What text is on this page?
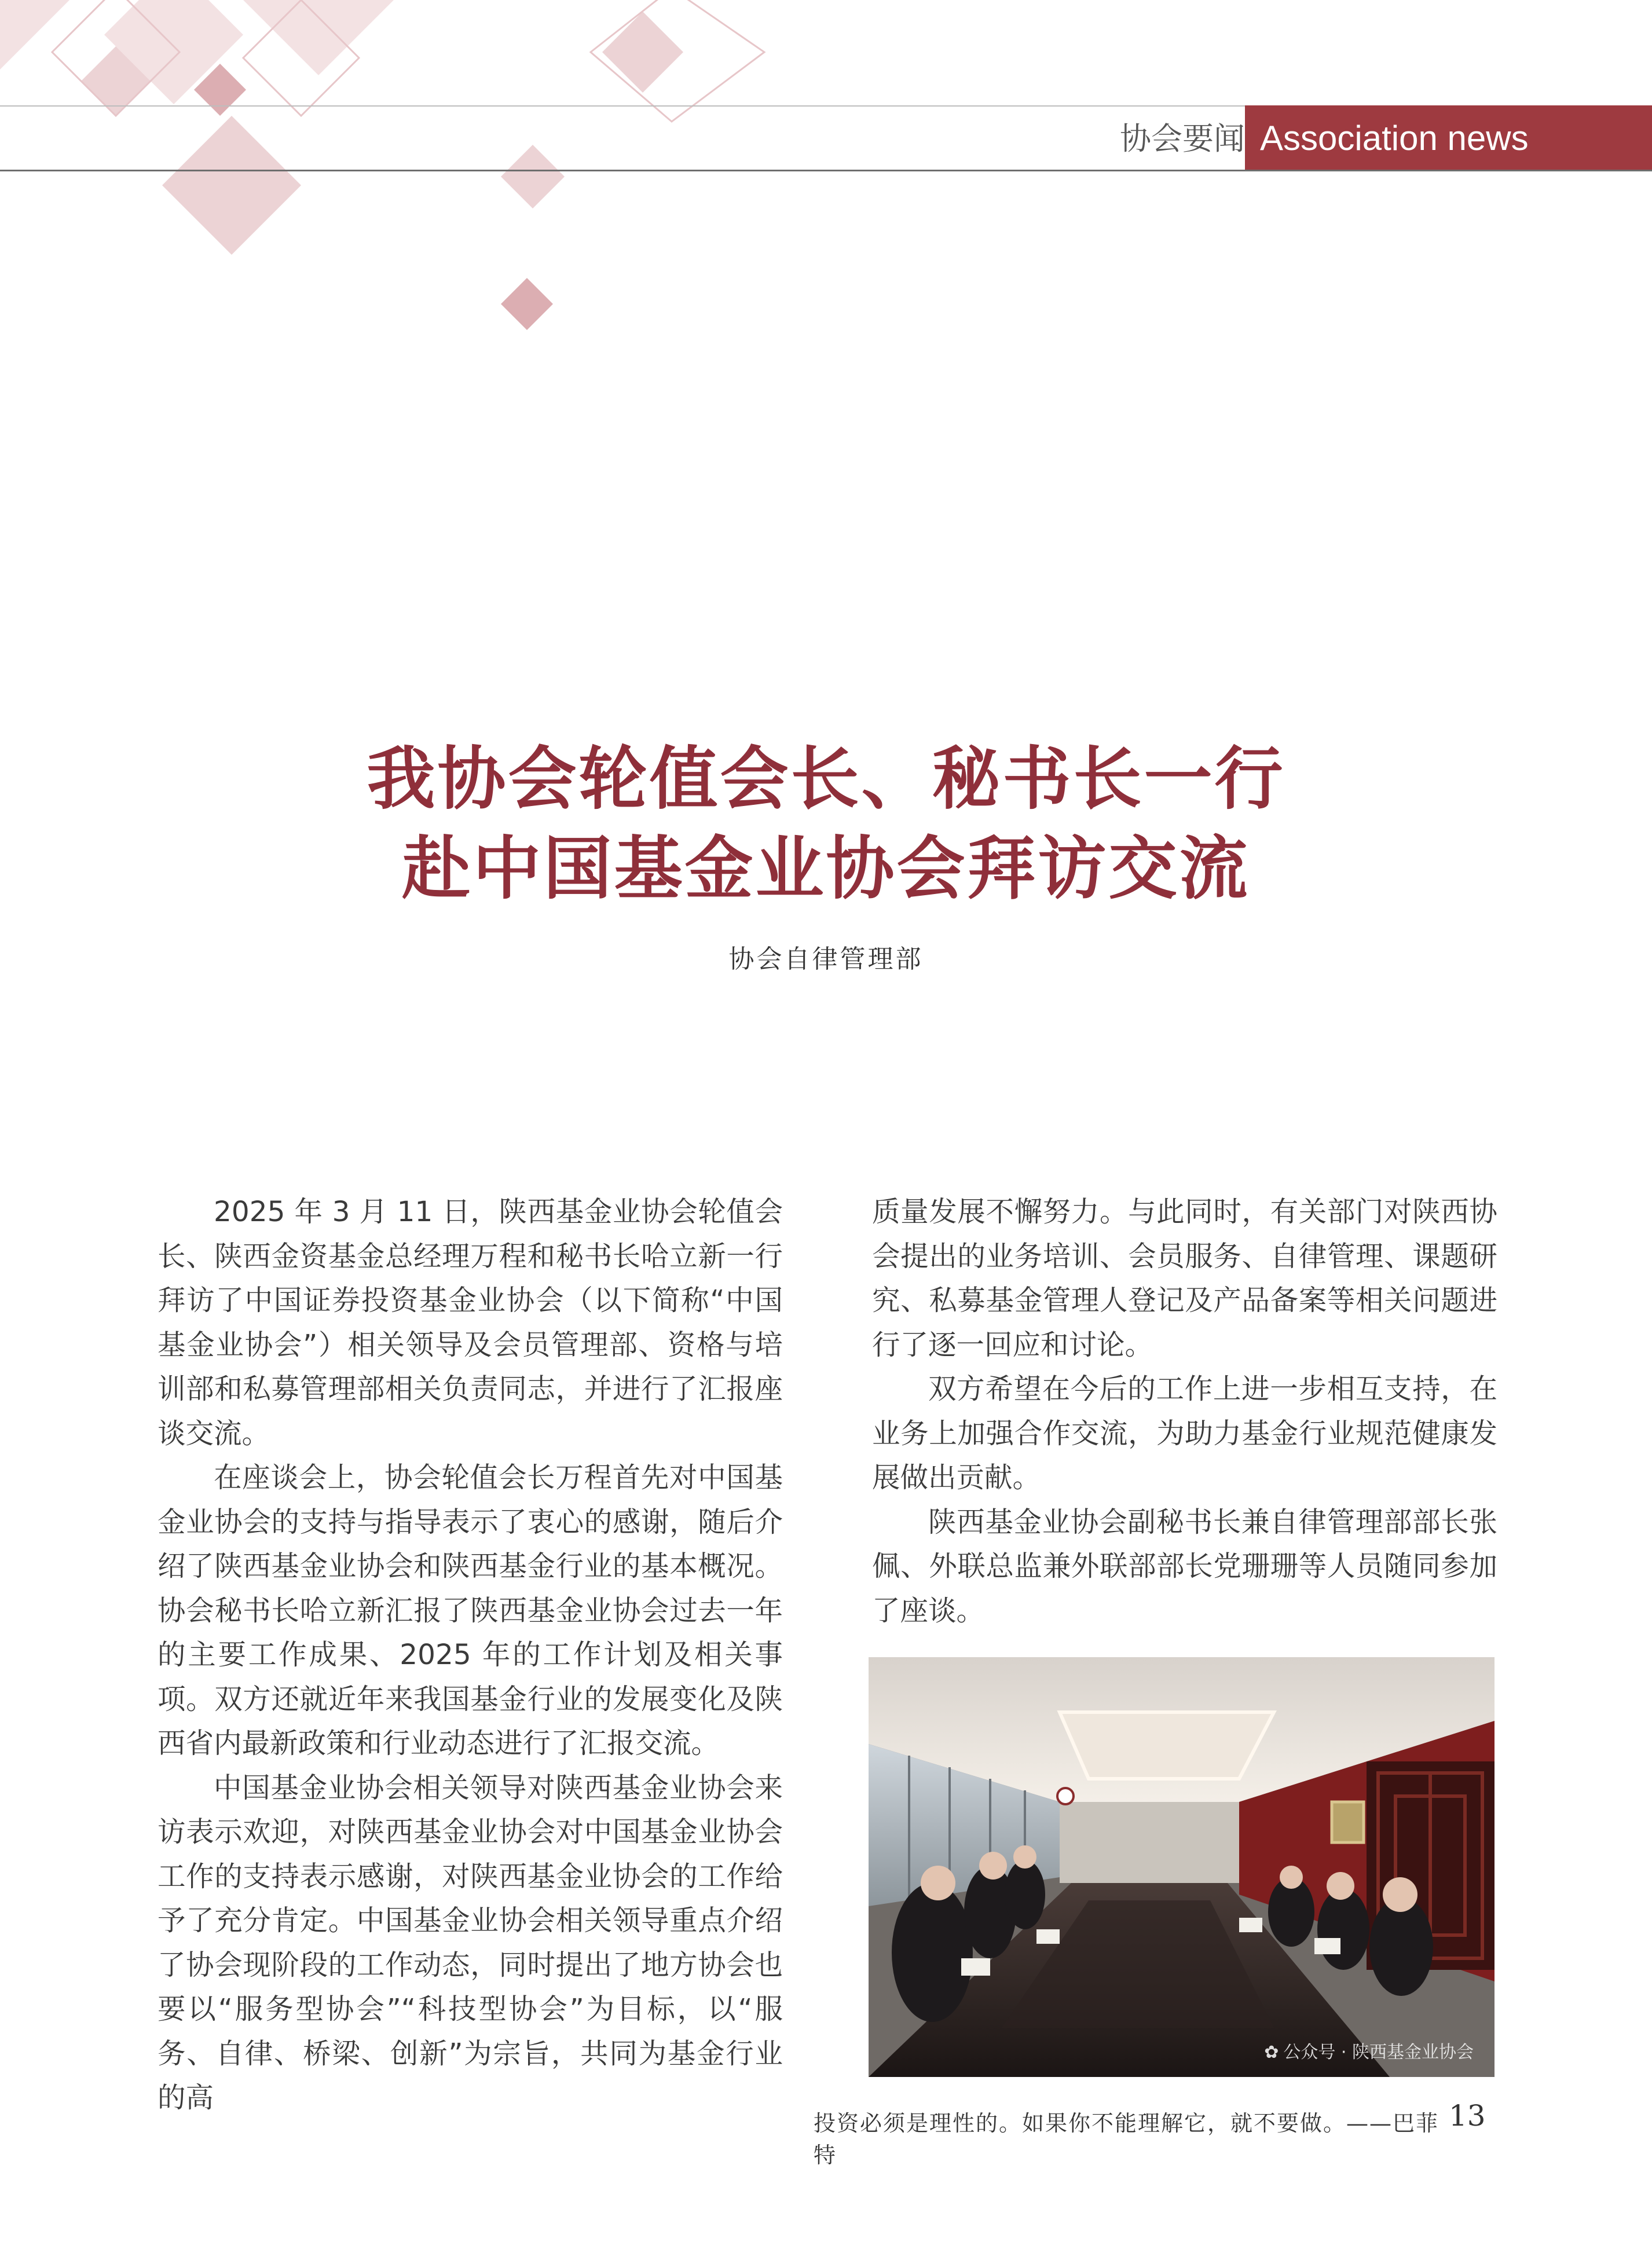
协会要闻 Association news
我协会轮值会长、秘书长一行
赴中国基金业协会拜访交流
协会自律管理部

2025 年 3 月 11 日，陕西基金业协会轮值会长、陕西金资基金总经理万程和秘书长哈立新一行拜访了中国证券投资基金业协会（以下简称“中国基金业协会”）相关领导及会员管理部、资格与培训部和私募管理部相关负责同志，并进行了汇报座谈交流。

在座谈会上，协会轮值会长万程首先对中国基金业协会的支持与指导表示了衷心的感谢，随后介绍了陕西基金业协会和陕西基金行业的基本概况。协会秘书长哈立新汇报了陕西基金业协会过去一年的主要工作成果、2025 年的工作计划及相关事项。双方还就近年来我国基金行业的发展变化及陕西省内最新政策和行业动态进行了汇报交流。

中国基金业协会相关领导对陕西基金业协会来访表示欢迎，对陕西基金业协会对中国基金业协会工作的支持表示感谢，对陕西基金业协会的工作给予了充分肯定。中国基金业协会相关领导重点介绍了协会现阶段的工作动态，同时提出了地方协会也要以“服务型协会”“科技型协会”为目标，以“服务、自律、桥梁、创新”为宗旨，共同为基金行业的高

质量发展不懈努力。与此同时，有关部门对陕西协会提出的业务培训、会员服务、自律管理、课题研究、私募基金管理人登记及产品备案等相关问题进行了逐一回应和讨论。

双方希望在今后的工作上进一步相互支持，在业务上加强合作交流，为助力基金行业规范健康发展做出贡献。

陕西基金业协会副秘书长兼自律管理部部长张佩、外联总监兼外联部部长党珊珊等人员随同参加了座谈。

✿ 公众号 · 陕西基金业协会
投资必须是理性的。如果你不能理解它，就不要做。——巴菲特
13
